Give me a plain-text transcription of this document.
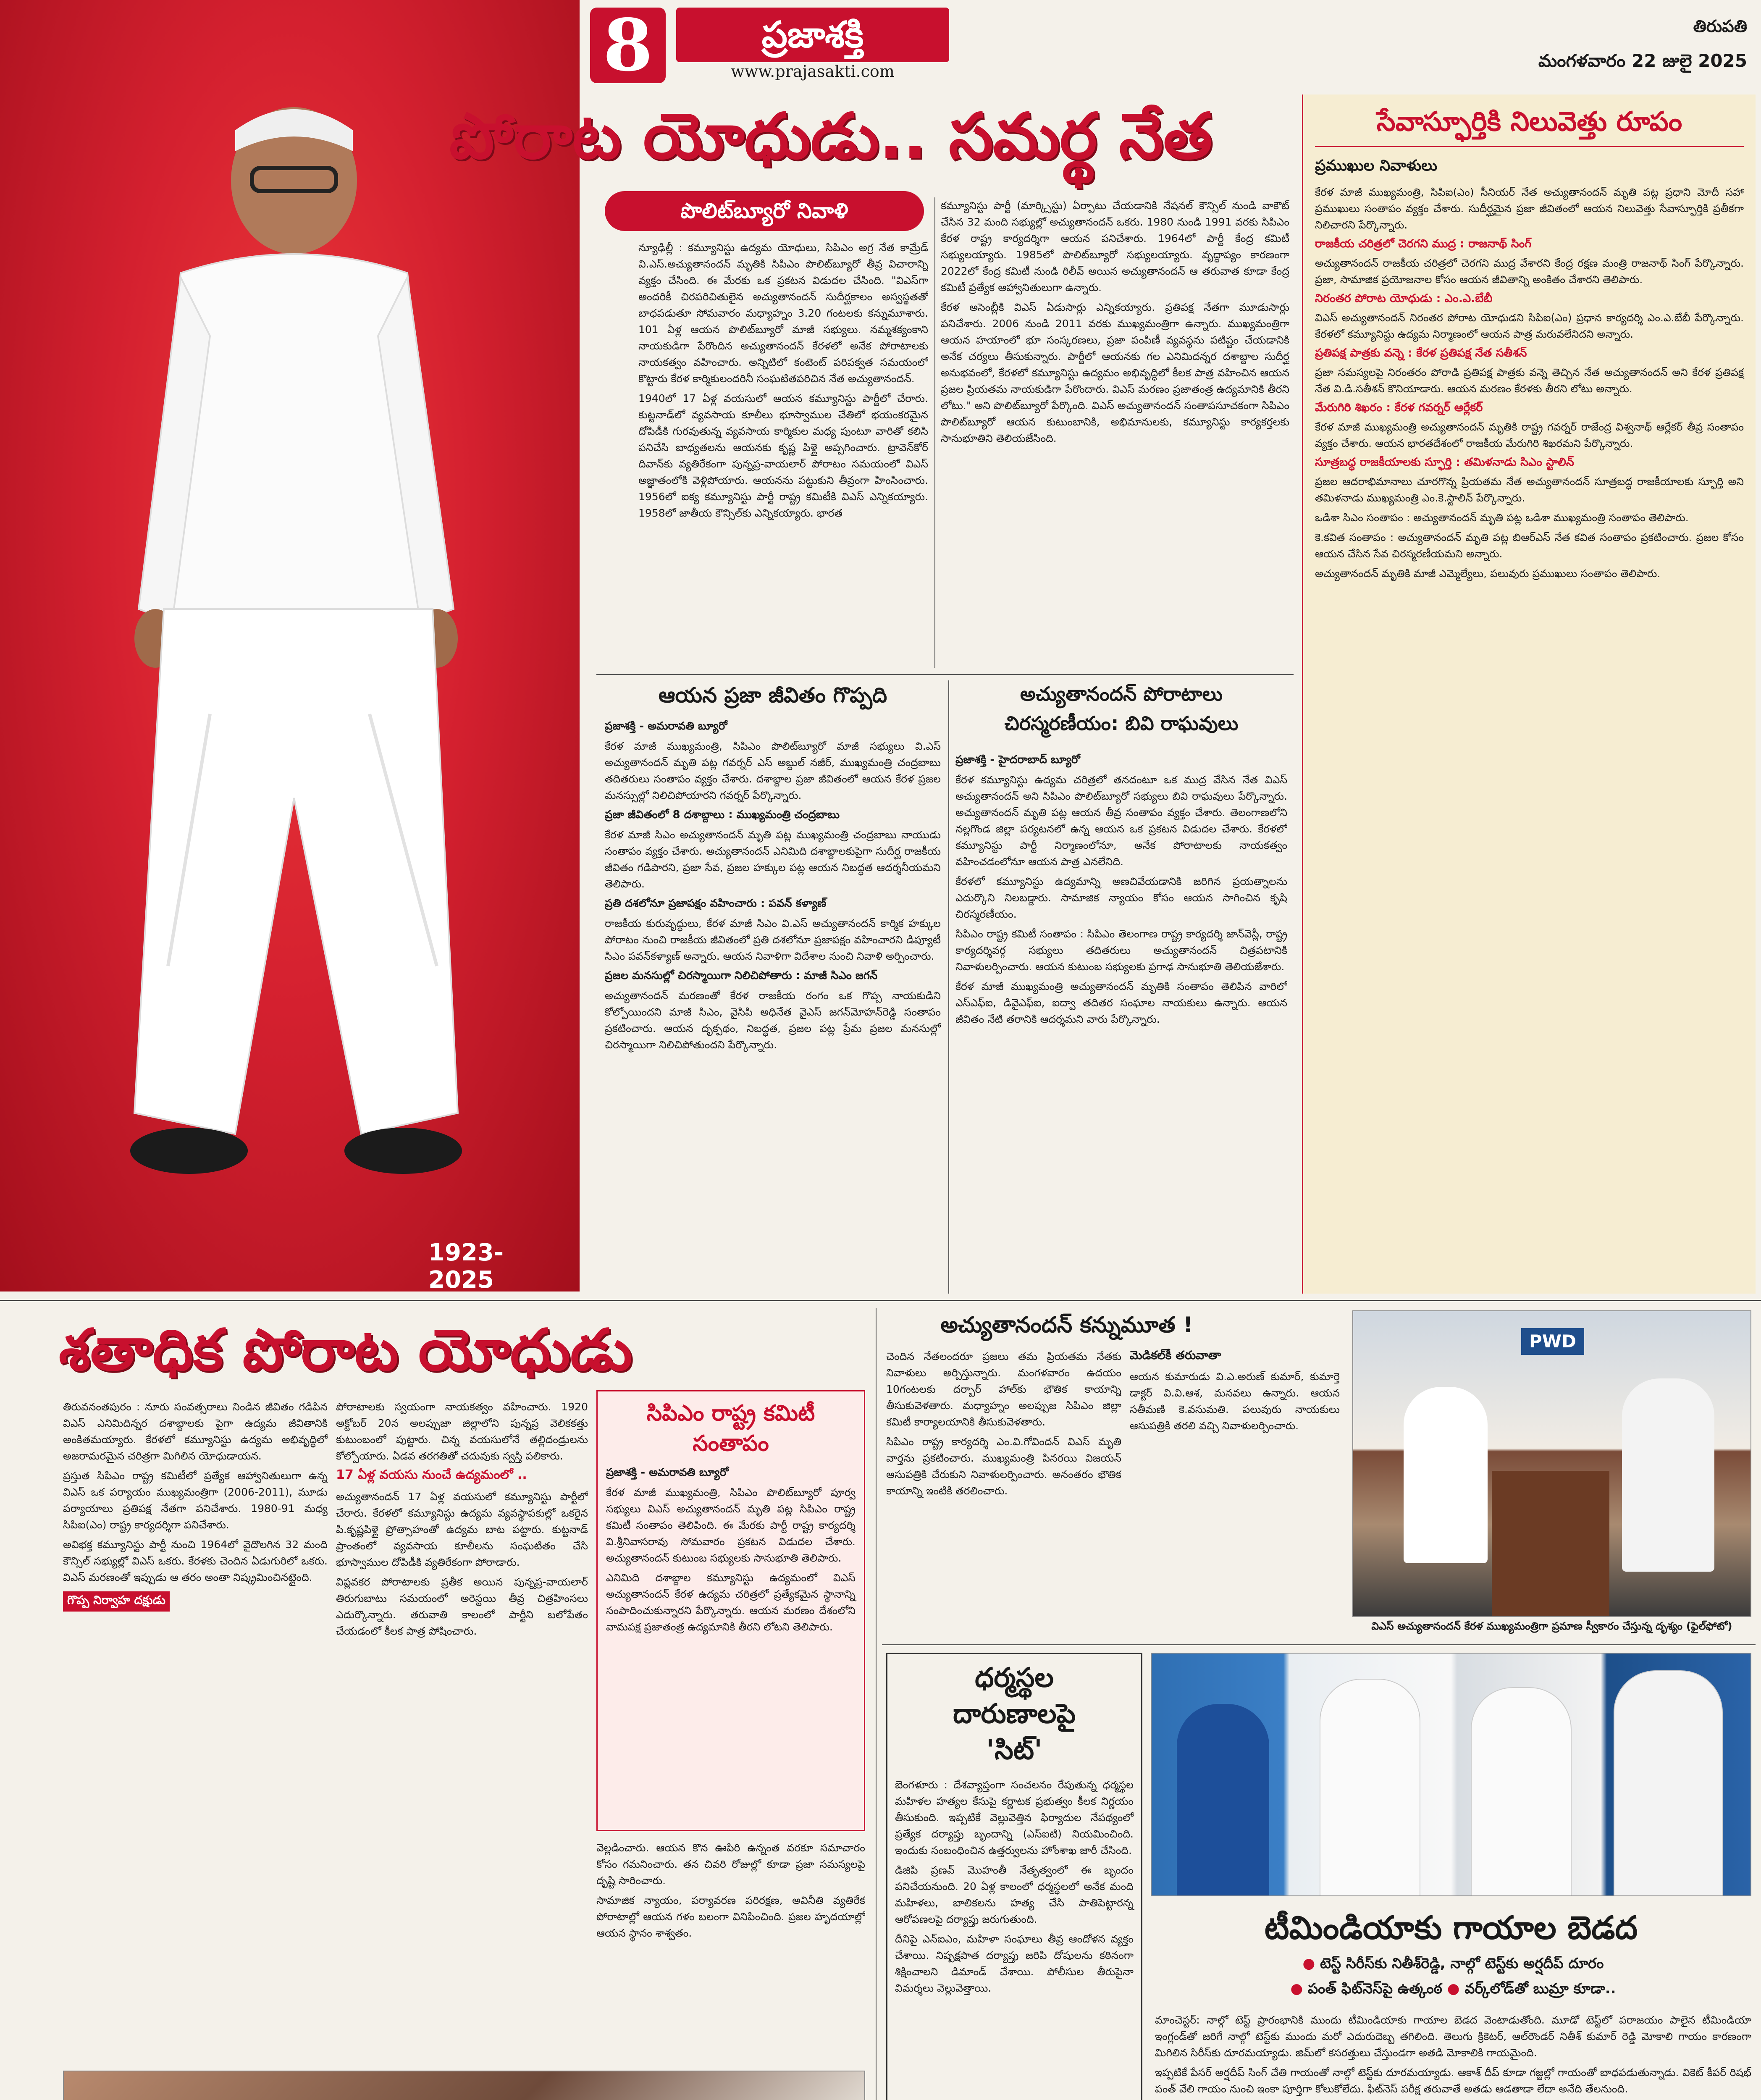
8	ప్రజాశక్తి
www.prajasakti.com
తిరుపతి
మంగళవారం 22 జులై 2025
1923- 2025
పోరాట యోధుడు.. సమర్థ నేత
పొలిట్‌బ్యూరో నివాళి

న్యూఢిల్లీ : కమ్యూనిస్టు ఉద్యమ యోధులు, సిపిఎం అగ్ర నేత కామ్రేడ్ వి.ఎస్.అచ్యుతానందన్ మృతికి సిపిఎం పొలిట్‌బ్యూరో తీవ్ర విచారాన్ని వ్యక్తం చేసింది. ఈ మేరకు ఒక ప్రకటన విడుదల చేసింది. "విఎస్‌గా అందరికీ చిరపరిచితులైన అచ్యుతానందన్ సుదీర్ఘకాలం అస్వస్థతతో బాధపడుతూ సోమవారం మధ్యాహ్నం 3.20 గంటలకు కన్నుమూశారు. 101 ఏళ్ల ఆయన పొలిట్‌బ్యూరో మాజీ సభ్యులు. నమ్మశక్యంకాని నాయకుడిగా పేరొందిన అచ్యుతానందన్ కేరళలో అనేక పోరాటాలకు నాయకత్వం వహించారు. అన్నిటిలో కంటెంట్ పరిపక్వత సమయంలో కొట్టారు కేరళ కార్మికులందరినీ సంఘటితపరిచిన నేత అచ్యుతానందన్.

1940లో 17 ఏళ్ల వయసులో ఆయన కమ్యూనిస్టు పార్టీలో చేరారు. కుట్టనాడ్‌లో వ్యవసాయ కూలీలు భూస్వాముల చేతిలో భయంకరమైన దోపిడీకి గురవుతున్న వ్యవసాయ కార్మికుల మధ్య పుంటూ వారితో కలిసి పనిచేసి బాధ్యతలను ఆయనకు కృష్ణ పిళ్లై అప్పగించారు. ట్రావెన్‌కోర్ దివాన్‌కు వ్యతిరేకంగా పున్నప్ర-వాయలార్ పోరాటం సమయంలో విఎస్ అజ్ఞాతంలోకి వెళ్లిపోయారు. ఆయనను పట్టుకుని తీవ్రంగా హింసించారు. 1956లో ఐక్య కమ్యూనిస్టు పార్టీ రాష్ట్ర కమిటీకి విఎస్ ఎన్నికయ్యారు. 1958లో జాతీయ కౌన్సిల్‌కు ఎన్నికయ్యారు. భారత

కమ్యూనిస్టు పార్టీ (మార్క్సిస్టు) ఏర్పాటు చేయడానికి నేషనల్ కౌన్సిల్ నుండి వాకౌట్ చేసిన 32 మంది సభ్యుల్లో అచ్యుతానందన్ ఒకరు. 1980 నుండి 1991 వరకు సిపిఎం కేరళ రాష్ట్ర కార్యదర్శిగా ఆయన పనిచేశారు. 1964లో పార్టీ కేంద్ర కమిటీ సభ్యులయ్యారు. 1985లో పొలిట్‌బ్యూరో సభ్యులయ్యారు. వృద్ధాప్యం కారణంగా 2022లో కేంద్ర కమిటీ నుండి రిలీవ్ అయిన అచ్యుతానందన్ ఆ తరువాత కూడా కేంద్ర కమిటీ ప్రత్యేక ఆహ్వానితులుగా ఉన్నారు.

కేరళ అసెంబ్లీకి విఎస్ ఏడుసార్లు ఎన్నికయ్యారు. ప్రతిపక్ష నేతగా మూడుసార్లు పనిచేశారు. 2006 నుండి 2011 వరకు ముఖ్యమంత్రిగా ఉన్నారు. ముఖ్యమంత్రిగా ఆయన హయాంలో భూ సంస్కరణలు, ప్రజా పంపిణీ వ్యవస్థను పటిష్టం చేయడానికి అనేక చర్యలు తీసుకున్నారు. పార్టీలో ఆయనకు గల ఎనిమిదన్నర దశాబ్దాల సుదీర్ఘ అనుభవంలో, కేరళలో కమ్యూనిస్టు ఉద్యమం అభివృద్ధిలో కీలక పాత్ర వహించిన ఆయన ప్రజల ప్రియతమ నాయకుడిగా పేరొందారు. విఎస్ మరణం ప్రజాతంత్ర ఉద్యమానికి తీరని లోటు." అని పొలిట్‌బ్యూరో పేర్కొంది. విఎస్ అచ్యుతానందన్ సంతాపసూచకంగా సిపిఎం పొలిట్‌బ్యూరో ఆయన కుటుంబానికి, అభిమానులకు, కమ్యూనిస్టు కార్యకర్తలకు సానుభూతిని తెలియజేసింది.

ఆయన ప్రజా జీవితం గొప్పది

ప్రజాశక్తి - అమరావతి బ్యూరో

కేరళ మాజీ ముఖ్యమంత్రి, సిపిఎం పొలిట్‌బ్యూరో మాజీ సభ్యులు వి.ఎస్ అచ్యుతానందన్ మృతి పట్ల గవర్నర్ ఎస్ అబ్దుల్ నజీర్, ముఖ్యమంత్రి చంద్రబాబు తదితరులు సంతాపం వ్యక్తం చేశారు. దశాబ్దాల ప్రజా జీవితంలో ఆయన కేరళ ప్రజల మనస్సుల్లో నిలిచిపోయారని గవర్నర్ పేర్కొన్నారు.

ప్రజా జీవితంలో 8 దశాబ్దాలు : ముఖ్యమంత్రి చంద్రబాబు

కేరళ మాజీ సిఎం అచ్యుతానందన్ మృతి పట్ల ముఖ్యమంత్రి చంద్రబాబు నాయుడు సంతాపం వ్యక్తం చేశారు. అచ్యుతానందన్ ఎనిమిది దశాబ్దాలకుపైగా సుదీర్ఘ రాజకీయ జీవితం గడిపారని, ప్రజా సేవ, ప్రజల హక్కుల పట్ల ఆయన నిబద్ధత ఆదర్శనీయమని తెలిపారు.

ప్రతి దశలోనూ ప్రజాపక్షం వహించారు : పవన్ కళ్యాణ్

రాజకీయ కురువృద్ధులు, కేరళ మాజీ సిఎం వి.ఎస్ అచ్యుతానందన్ కార్మిక హక్కుల పోరాటం నుంచి రాజకీయ జీవితంలో ప్రతి దశలోనూ ప్రజాపక్షం వహించారని డిప్యూటీ సిఎం పవన్‌కళ్యాణ్ అన్నారు. ఆయన నివాళిగా విదేశాల నుంచి నివాళి అర్పించారు.

ప్రజల మనసుల్లో చిరస్మాయిగా నిలిచిపోతారు : మాజీ సిఎం జగన్

అచ్యుతానందన్ మరణంతో కేరళ రాజకీయ రంగం ఒక గొప్ప నాయకుడిని కోల్పోయిందని మాజీ సిఎం, వైసిపి అధినేత వైఎస్ జగన్‌మోహన్‌రెడ్డి సంతాపం ప్రకటించారు. ఆయన దృక్పథం, నిబద్ధత, ప్రజల పట్ల ప్రేమ ప్రజల మనసుల్లో చిరస్మాయిగా నిలిచిపోతుందని పేర్కొన్నారు.

అచ్యుతానందన్ పోరాటాలు
చిరస్మరణీయం: బివి రాఘవులు

ప్రజాశక్తి - హైదరాబాద్ బ్యూరో

కేరళ కమ్యూనిస్టు ఉద్యమ చరిత్రలో తనదంటూ ఒక ముద్ర వేసిన నేత విఎస్ అచ్యుతానందన్ అని సిపిఎం పొలిట్‌బ్యూరో సభ్యులు బివి రాఘవులు పేర్కొన్నారు. అచ్యుతానందన్ మృతి పట్ల ఆయన తీవ్ర సంతాపం వ్యక్తం చేశారు. తెలంగాణలోని నల్లగొండ జిల్లా పర్యటనలో ఉన్న ఆయన ఒక ప్రకటన విడుదల చేశారు. కేరళలో కమ్యూనిస్టు పార్టీ నిర్మాణంలోనూ, అనేక పోరాటాలకు నాయకత్వం వహించడంలోనూ ఆయన పాత్ర ఎనలేనిది.

కేరళలో కమ్యూనిస్టు ఉద్యమాన్ని అణచివేయడానికి జరిగిన ప్రయత్నాలను ఎదుర్కొని నిలబడ్డారు. సామాజిక న్యాయం కోసం ఆయన సాగించిన కృషి చిరస్మరణీయం.

సిపిఎం రాష్ట్ర కమిటీ సంతాపం : సిపిఎం తెలంగాణ రాష్ట్ర కార్యదర్శి జాన్‌వెస్లీ, రాష్ట్ర కార్యదర్శివర్గ సభ్యులు తదితరులు అచ్యుతానందన్ చిత్రపటానికి నివాళులర్పించారు. ఆయన కుటుంబ సభ్యులకు ప్రగాఢ సానుభూతి తెలియజేశారు.

కేరళ మాజీ ముఖ్యమంత్రి అచ్యుతానందన్ మృతికి సంతాపం తెలిపిన వారిలో ఎస్‌ఎఫ్‌ఐ, డివైఎఫ్‌ఐ, ఐద్వా తదితర సంఘాల నాయకులు ఉన్నారు. ఆయన జీవితం నేటి తరానికి ఆదర్శమని వారు పేర్కొన్నారు.

సేవాస్ఫూర్తికి నిలువెత్తు రూపం
ప్రముఖుల నివాళులు

కేరళ మాజీ ముఖ్యమంత్రి, సిపిఐ(ఎం) సీనియర్ నేత అచ్యుతానందన్ మృతి పట్ల ప్రధాని మోదీ సహా ప్రముఖులు సంతాపం వ్యక్తం చేశారు. సుదీర్ఘమైన ప్రజా జీవితంలో ఆయన నిలువెత్తు సేవాస్ఫూర్తికి ప్రతీకగా నిలిచారని పేర్కొన్నారు.

రాజకీయ చరిత్రలో చెరగని ముద్ర : రాజనాథ్ సింగ్

అచ్యుతానందన్ రాజకీయ చరిత్రలో చెరగని ముద్ర వేశారని కేంద్ర రక్షణ మంత్రి రాజనాథ్ సింగ్ పేర్కొన్నారు. ప్రజా, సామాజిక ప్రయోజనాల కోసం ఆయన జీవితాన్ని అంకితం చేశారని తెలిపారు.

నిరంతర పోరాట యోధుడు : ఎం.ఎ.బేబీ

విఎస్ అచ్యుతానందన్ నిరంతర పోరాట యోధుడని సిపిఐ(ఎం) ప్రధాన కార్యదర్శి ఎం.ఎ.బేబీ పేర్కొన్నారు. కేరళలో కమ్యూనిస్టు ఉద్యమ నిర్మాణంలో ఆయన పాత్ర మరువలేనిదని అన్నారు.

ప్రతిపక్ష పాత్రకు వన్నె : కేరళ ప్రతిపక్ష నేత సతీశన్

ప్రజా సమస్యలపై నిరంతరం పోరాడి ప్రతిపక్ష పాత్రకు వన్నె తెచ్చిన నేత అచ్యుతానందన్ అని కేరళ ప్రతిపక్ష నేత వి.డి.సతీశన్ కొనియాడారు. ఆయన మరణం కేరళకు తీరని లోటు అన్నారు.

మేరుగిరి శిఖరం : కేరళ గవర్నర్ ఆర్లేకర్

కేరళ మాజీ ముఖ్యమంత్రి అచ్యుతానందన్ మృతికి రాష్ట్ర గవర్నర్ రాజేంద్ర విశ్వనాథ్ ఆర్లేకర్ తీవ్ర సంతాపం వ్యక్తం చేశారు. ఆయన భారతదేశంలో రాజకీయ మేరుగిరి శిఖరమని పేర్కొన్నారు.

సూత్రబద్ధ రాజకీయాలకు స్ఫూర్తి : తమిళనాడు సిఎం స్టాలిన్

ప్రజల ఆదరాభిమానాలు చూరగొన్న ప్రియతమ నేత అచ్యుతానందన్ సూత్రబద్ధ రాజకీయాలకు స్ఫూర్తి అని తమిళనాడు ముఖ్యమంత్రి ఎం.కె.స్టాలిన్ పేర్కొన్నారు.

ఒడిశా సిఎం సంతాపం : అచ్యుతానందన్ మృతి పట్ల ఒడిశా ముఖ్యమంత్రి సంతాపం తెలిపారు.

కె.కవిత సంతాపం : అచ్యుతానందన్ మృతి పట్ల బిఆర్ఎస్ నేత కవిత సంతాపం ప్రకటించారు. ప్రజల కోసం ఆయన చేసిన సేవ చిరస్మరణీయమని అన్నారు.

అచ్యుతానందన్ మృతికి మాజీ ఎమ్మెల్యేలు, పలువురు ప్రముఖులు సంతాపం తెలిపారు.

శతాధిక పోరాట యోధుడు

తిరువనంతపురం : నూరు సంవత్సరాలు నిండిన జీవితం గడిపిన విఎస్ ఎనిమిదిన్నర దశాబ్దాలకు పైగా ఉద్యమ జీవితానికి అంకితమయ్యారు. కేరళలో కమ్యూనిస్టు ఉద్యమ అభివృద్ధిలో అజరామరమైన చరిత్రగా మిగిలిన యోధుడాయన.

ప్రస్తుత సిపిఎం రాష్ట్ర కమిటీలో ప్రత్యేక ఆహ్వానితులుగా ఉన్న విఎస్ ఒక పర్యాయం ముఖ్యమంత్రిగా (2006-2011), మూడు పర్యాయాలు ప్రతిపక్ష నేతగా పనిచేశారు. 1980-91 మధ్య సిపిఐ(ఎం) రాష్ట్ర కార్యదర్శిగా పనిచేశారు.

అవిభక్త కమ్యూనిస్టు పార్టీ నుంచి 1964లో వైదొలగిన 32 మంది కౌన్సిల్ సభ్యుల్లో విఎస్ ఒకరు. కేరళకు చెందిన ఏడుగురిలో ఒకరు. విఎస్ మరణంతో ఇప్పుడు ఆ తరం అంతా నిష్క్రమించినట్లైంది.

గొప్ప నిర్వాహ దక్షుడు

పోరాటాలకు స్వయంగా నాయకత్వం వహించారు. 1920 అక్టోబర్ 20న అలప్పుజా జిల్లాలోని పున్నప్ర వెలికకత్తు కుటుంబంలో పుట్టారు. చిన్న వయసులోనే తల్లిదండ్రులను కోల్పోయారు. ఏడవ తరగతితో చదువుకు స్వస్తి పలికారు.

17 ఏళ్ల వయసు నుంచే ఉద్యమంలో ..

అచ్యుతానందన్ 17 ఏళ్ల వయసులో కమ్యూనిస్టు పార్టీలో చేరారు. కేరళలో కమ్యూనిస్టు ఉద్యమ వ్యవస్థాపకుల్లో ఒకరైన పి.కృష్ణపిళ్లై ప్రోత్సాహంతో ఉద్యమ బాట పట్టారు. కుట్టనాడ్ ప్రాంతంలో వ్యవసాయ కూలీలను సంఘటితం చేసి భూస్వాముల దోపిడీకి వ్యతిరేకంగా పోరాడారు.

విప్లవకర పోరాటాలకు ప్రతీక అయిన పున్నప్ర-వాయలార్ తిరుగుబాటు సమయంలో అరెస్టయి తీవ్ర చిత్రహింసలు ఎదుర్కొన్నారు. తరువాతి కాలంలో పార్టీని బలోపేతం చేయడంలో కీలక పాత్ర పోషించారు.

సిపిఎం రాష్ట్ర కమిటీ
సంతాపం

ప్రజాశక్తి - అమరావతి బ్యూరో

కేరళ మాజీ ముఖ్యమంత్రి, సిపిఎం పొలిట్‌బ్యూరో పూర్వ సభ్యులు విఎస్ అచ్యుతానందన్ మృతి పట్ల సిపిఎం రాష్ట్ర కమిటీ సంతాపం తెలిపింది. ఈ మేరకు పార్టీ రాష్ట్ర కార్యదర్శి వి.శ్రీనివాసరావు సోమవారం ప్రకటన విడుదల చేశారు. అచ్యుతానందన్ కుటుంబ సభ్యులకు సానుభూతి తెలిపారు.

ఎనిమిది దశాబ్దాల కమ్యూనిస్టు ఉద్యమంలో విఎస్ అచ్యుతానందన్ కేరళ ఉద్యమ చరిత్రలో ప్రత్యేకమైన స్థానాన్ని సంపాదించుకున్నారని పేర్కొన్నారు. ఆయన మరణం దేశంలోని వామపక్ష ప్రజాతంత్ర ఉద్యమానికి తీరని లోటని తెలిపారు.

వెల్లడించారు. ఆయన కొన ఊపిరి ఉన్నంత వరకూ సమాచారం కోసం గమనించారు. తన చివరి రోజుల్లో కూడా ప్రజా సమస్యలపై దృష్టి సారించారు.

సామాజిక న్యాయం, పర్యావరణ పరిరక్షణ, అవినీతి వ్యతిరేక పోరాటాల్లో ఆయన గళం బలంగా వినిపించింది. ప్రజల హృదయాల్లో ఆయన స్థానం శాశ్వతం.

అచ్యుతానందన్ కన్నుమూత !

చెందిన నేతలందరూ ప్రజలు తమ ప్రియతమ నేతకు నివాళులు అర్పిస్తున్నారు. మంగళవారం ఉదయం 10గంటలకు దర్బార్ హాల్‌కు భౌతిక కాయాన్ని తీసుకువెళతారు. మధ్యాహ్నం అలప్పుజ సిపిఎం జిల్లా కమిటీ కార్యాలయానికి తీసుకువెళతారు.

సిపిఎం రాష్ట్ర కార్యదర్శి ఎం.వి.గోవిందన్ విఎస్ మృతి వార్తను ప్రకటించారు. ముఖ్యమంత్రి పినరయి విజయన్ ఆసుపత్రికి చేరుకుని నివాళులర్పించారు. అనంతరం భౌతిక కాయాన్ని ఇంటికి తరలించారు.

మెడికల్‌కీ తరువాతా

ఆయన కుమారుడు వి.ఎ.అరుణ్ కుమార్, కుమార్తె డాక్టర్ వి.వి.ఆశ, మనవలు ఉన్నారు. ఆయన సతీమణి కె.వసుమతి. పలువురు నాయకులు ఆసుపత్రికి తరలి వచ్చి నివాళులర్పించారు.

PWD
విఎస్ అచ్యుతానందన్ కేరళ ముఖ్యమంత్రిగా ప్రమాణ స్వీకారం చేస్తున్న దృశ్యం (ఫైల్‌ఫోటో)
ధర్మస్థల
దారుణాలపై
'సిట్'

బెంగళూరు : దేశవ్యాప్తంగా సంచలనం రేపుతున్న ధర్మస్థల మహిళల హత్యల కేసుపై కర్ణాటక ప్రభుత్వం కీలక నిర్ణయం తీసుకుంది. ఇప్పటికే వెల్లువెత్తిన ఫిర్యాదుల నేపథ్యంలో ప్రత్యేక దర్యాప్తు బృందాన్ని (ఎస్‌ఐటి) నియమించింది. ఇందుకు సంబంధించిన ఉత్తర్వులను హోంశాఖ జారీ చేసింది.

డిజిపి ప్రణవ్ మొహంతీ నేతృత్వంలో ఈ బృందం పనిచేయనుంది. 20 ఏళ్ల కాలంలో ధర్మస్థలలో అనేక మంది మహిళలు, బాలికలను హత్య చేసి పాతిపెట్టారన్న ఆరోపణలపై దర్యాప్తు జరుగుతుంది.

దీనిపై ఎన్‌ఐఎం, మహిళా సంఘాలు తీవ్ర ఆందోళన వ్యక్తం చేశాయి. నిష్పక్షపాత దర్యాప్తు జరిపి దోషులను కఠినంగా శిక్షించాలని డిమాండ్ చేశాయి. పోలీసుల తీరుపైనా విమర్శలు వెల్లువెత్తాయి.

టీమిండియాకు గాయాల బెడద
● టెస్ట్ సిరీస్‌కు నితీశ్‌రెడ్డి, నాల్గో టెస్ట్‌కు అర్షదీప్ దూరం
● పంత్ ఫిట్‌నెస్‌పై ఉత్కంఠ ● వర్క్‌లోడ్‌తో బుమ్రా కూడా..

మాంచెస్టర్: నాల్గో టెస్ట్ ప్రారంభానికి ముందు టీమిండియాకు గాయాల బెడద వెంటాడుతోంది. మూడో టెస్ట్‌లో పరాజయం పాలైన టీమిండియా ఇంగ్లండ్‌తో జరిగే నాల్గో టెస్ట్‌కు ముందు మరో ఎదురుదెబ్బ తగిలింది. తెలుగు క్రికెటర్, ఆల్‌రౌండర్ నితీశ్ కుమార్ రెడ్డి మోకాలి గాయం కారణంగా మిగిలిన సిరీస్‌కు దూరమయ్యాడు. జిమ్‌లో కసరత్తులు చేస్తుండగా అతడి మోకాలికి గాయమైంది.

ఇప్పటికే పేసర్ అర్షదీప్ సింగ్ చేతి గాయంతో నాల్గో టెస్ట్‌కు దూరమయ్యాడు. ఆకాశ్ దీప్ కూడా గజ్జల్లో గాయంతో బాధపడుతున్నాడు. వికెట్ కీపర్ రిషభ్ పంత్ వేలి గాయం నుంచి ఇంకా పూర్తిగా కోలుకోలేదు. ఫిట్‌నెస్ పరీక్ష తరువాతే అతడు ఆడతాడా లేదా అనేది తేలనుంది.
